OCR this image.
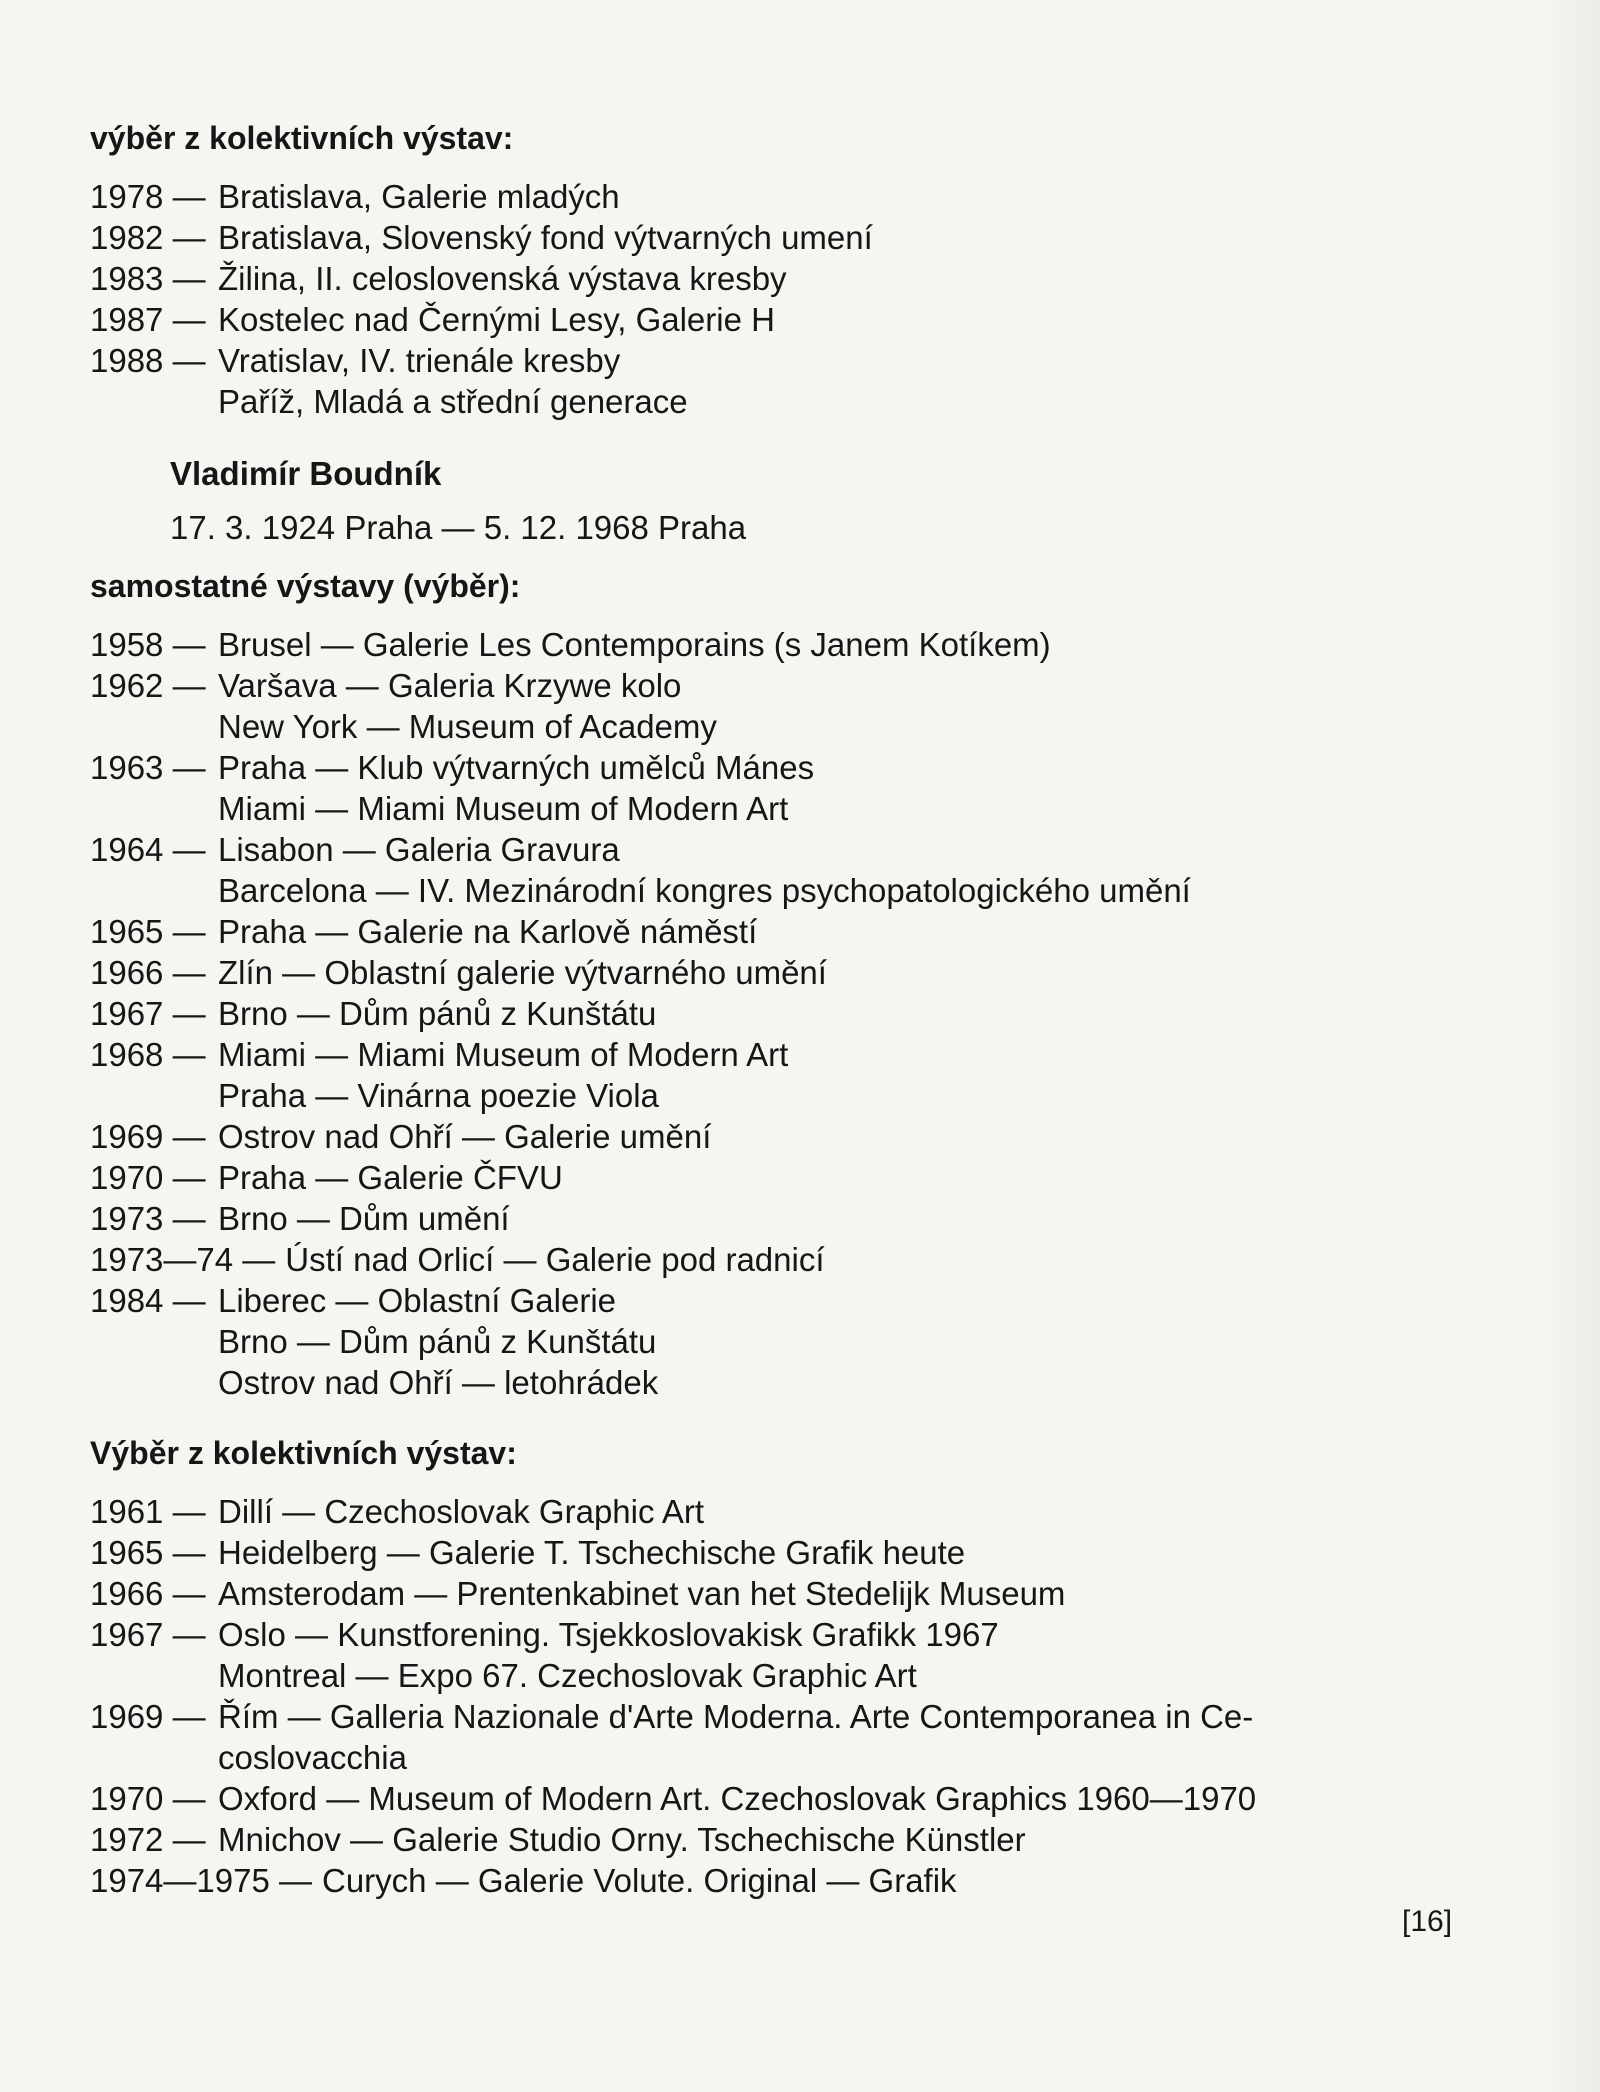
výběr z kolektivních výstav:
1978 — Bratislava, Galerie mladých
1982 — Bratislava, Slovenský fond výtvarných umení
1983 — Žilina, II. celoslovenská výstava kresby
1987 — Kostelec nad Černými Lesy, Galerie H
1988 — Vratislav, IV. trienále kresby
Paříž, Mladá a střední generace
Vladimír Boudník
17. 3. 1924 Praha — 5. 12. 1968 Praha
samostatné výstavy (výběr):
1958 — Brusel — Galerie Les Contemporains (s Janem Kotíkem)
1962 — Varšava — Galeria Krzywe kolo
New York — Museum of Academy
1963 — Praha — Klub výtvarných umělců Mánes
Miami — Miami Museum of Modern Art
1964 — Lisabon — Galeria Gravura
Barcelona — IV. Mezinárodní kongres psychopatologického umění
1965 — Praha — Galerie na Karlově náměstí
1966 — Zlín — Oblastní galerie výtvarného umění
1967 — Brno — Dům pánů z Kunštátu
1968 — Miami — Miami Museum of Modern Art
Praha — Vinárna poezie Viola
1969 — Ostrov nad Ohří — Galerie umění
1970 — Praha — Galerie ČFVU
1973 — Brno — Dům umění
1973—74 — Ústí nad Orlicí — Galerie pod radnicí
1984 — Liberec — Oblastní Galerie
Brno — Dům pánů z Kunštátu
Ostrov nad Ohří — letohrádek
Výběr z kolektivních výstav:
1961 — Dillí — Czechoslovak Graphic Art
1965 — Heidelberg — Galerie T. Tschechische Grafik heute
1966 — Amsterodam — Prentenkabinet van het Stedelijk Museum
1967 — Oslo — Kunstforening. Tsjekkoslovakisk Grafikk 1967
Montreal — Expo 67. Czechoslovak Graphic Art
1969 — Řím — Galleria Nazionale d'Arte Moderna. Arte Contemporanea in Ce-
coslovacchia
1970 — Oxford — Museum of Modern Art. Czechoslovak Graphics 1960—1970
1972 — Mnichov — Galerie Studio Orny. Tschechische Künstler
1974—1975 — Curych — Galerie Volute. Original — Grafik
[16]
